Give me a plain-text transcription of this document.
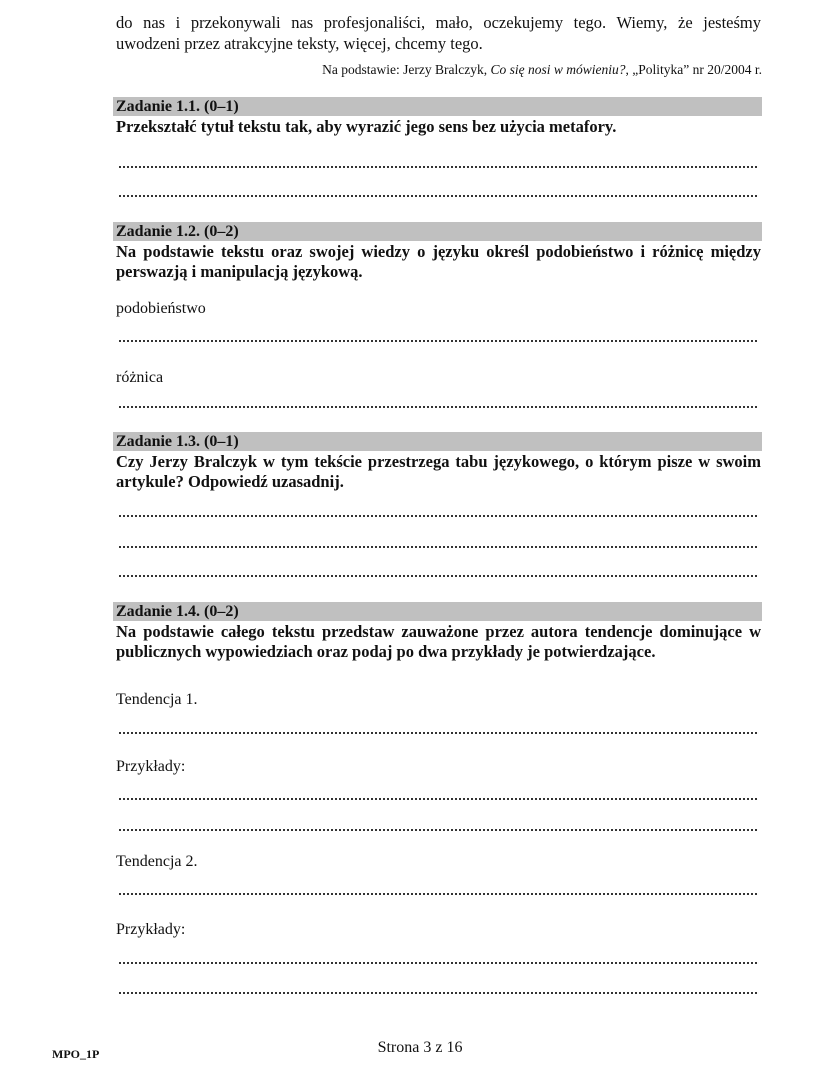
do nas i przekonywali nas profesjonaliści, mało, oczekujemy tego. Wiemy, że jesteśmy
uwodzeni przez atrakcyjne teksty, więcej, chcemy tego.
Na podstawie: Jerzy Bralczyk, Co się nosi w mówieniu?, „Polityka” nr 20/2004 r.
Zadanie 1.1. (0–1)
Przekształć tytuł tekstu tak, aby wyrazić jego sens bez użycia metafory.
Zadanie 1.2. (0–2)
Na podstawie tekstu oraz swojej wiedzy o języku określ podobieństwo i różnicę między perswazją i manipulacją językową.
podobieństwo
różnica
Zadanie 1.3. (0–1)
Czy Jerzy Bralczyk w tym tekście przestrzega tabu językowego, o którym pisze w swoim artykule? Odpowiedź uzasadnij.
Zadanie 1.4. (0–2)
Na podstawie całego tekstu przedstaw zauważone przez autora tendencje dominujące w publicznych wypowiedziach oraz podaj po dwa przykłady je potwierdzające.
Tendencja 1.
Przykłady:
Tendencja 2.
Przykłady:
MPO_1P	Strona 3 z 16
